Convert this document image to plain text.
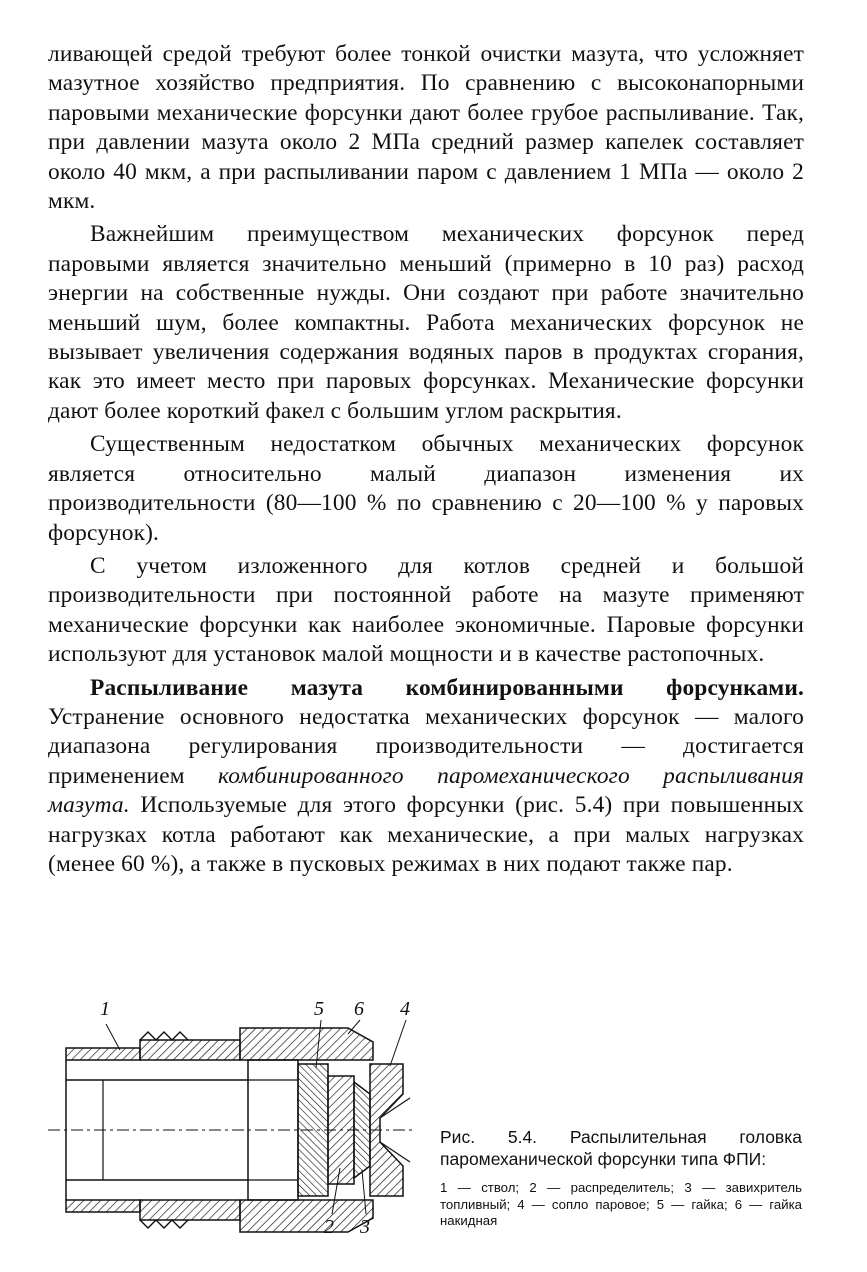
ливающей средой требуют более тонкой очистки мазута, что усложняет мазутное хозяйство предприятия. По сравнению с высоконапорными паровыми механические форсунки дают более грубое распыливание. Так, при давлении мазута около 2 МПа средний размер капелек составляет около 40 мкм, а при распыливании паром с давлением 1 МПа — около 2 мкм.

Важнейшим преимуществом механических форсунок перед паровыми является значительно меньший (примерно в 10 раз) расход энергии на собственные нужды. Они создают при работе значительно меньший шум, более компактны. Работа механических форсунок не вызывает увеличения содержания водяных паров в продуктах сгорания, как это имеет место при паровых форсунках. Механические форсунки дают более короткий факел с большим углом раскрытия.

Существенным недостатком обычных механических форсунок является относительно малый диапазон изменения их производительности (80—100 % по сравнению с 20—100 % у паровых форсунок).

С учетом изложенного для котлов средней и большой производительности при постоянной работе на мазуте применяют механические форсунки как наиболее экономичные. Паровые форсунки используют для установок малой мощности и в качестве растопочных.

Распыливание мазута комбинированными форсунками. Устранение основного недостатка механических форсунок — малого диапазона регулирования производительности — достигается применением комбинированного паромеханического распыливания мазута. Используемые для этого форсунки (рис. 5.4) при повышенных нагрузках котла работают как механические, а при малых нагрузках (менее 60 %), а также в пусковых режимах в них подают также пар.

1	5 6 4
2 3

Рис. 5.4. Распылительная головка паромеханической форсунки типа ФПИ:

1 — ствол; 2 — распределитель; 3 — завихритель топливный; 4 — сопло паровое; 5 — гайка; 6 — гайка накидная
